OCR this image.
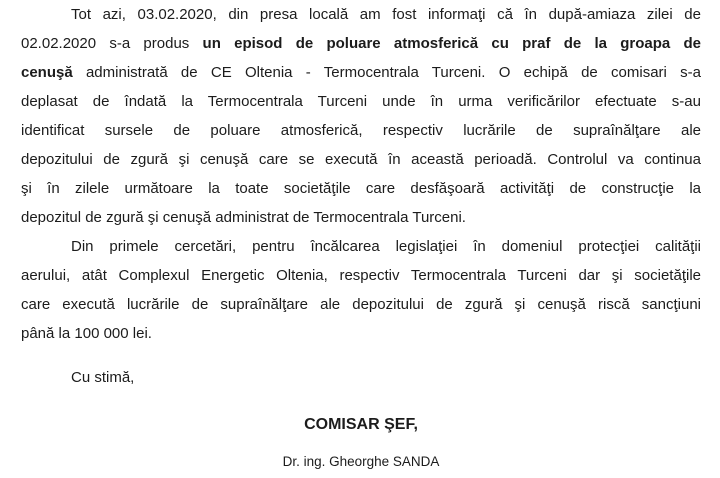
Tot azi, 03.02.2020, din presa locală am fost informaţi că în după-amiaza zilei de
02.02.2020 s-a produs un episod de poluare atmosferică cu praf de la groapa de
cenuşă administrată de CE Oltenia - Termocentrala Turceni. O echipă de comisari s-a
deplasat de îndată la Termocentrala Turceni unde în urma verificărilor efectuate s-au
identificat sursele de poluare atmosferică, respectiv lucrările de supraînălţare ale
depozitului de zgură şi cenuşă care se execută în această perioadă. Controlul va continua
şi în zilele următoare la toate societăţile care desfăşoară activităţi de construcţie la
depozitul de zgură şi cenuşă administrat de Termocentrala Turceni.
Din primele cercetări, pentru încălcarea legislaţiei în domeniul protecţiei calităţii
aerului, atât Complexul Energetic Oltenia, respectiv Termocentrala Turceni dar şi societăţile
care execută lucrările de supraînălţare ale depozitului de zgură şi cenuşă riscă sancţiuni
până la 100 000 lei.
Cu stimă,
COMISAR ŞEF,
Dr. ing. Gheorghe SANDA
